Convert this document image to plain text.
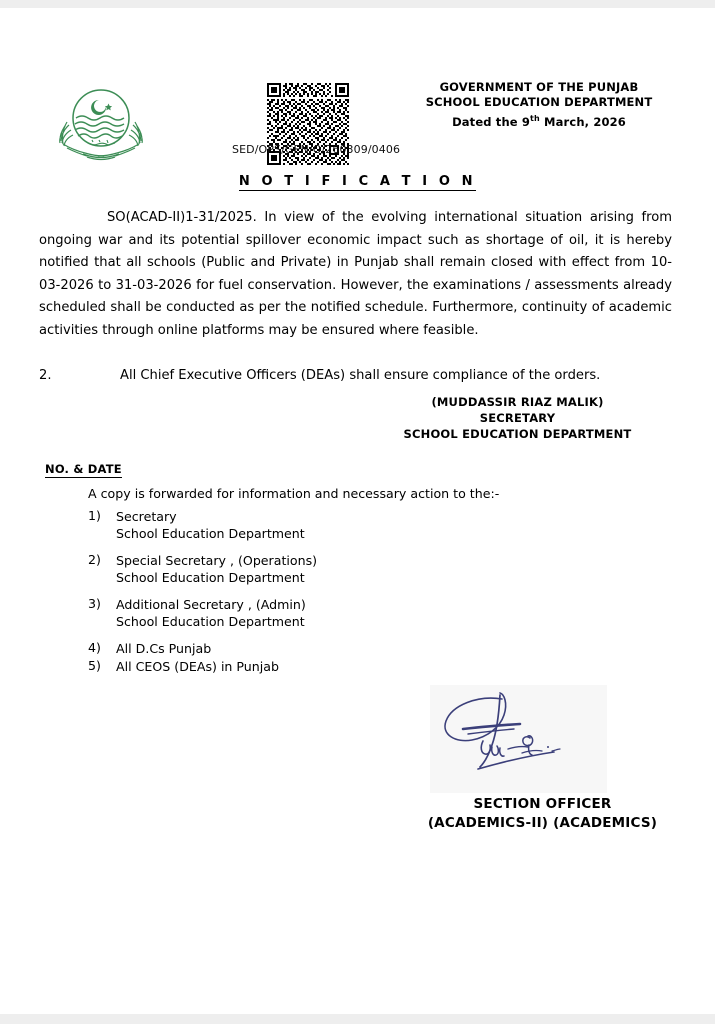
GOVERNMENT OF THE PUNJAB
SCHOOL EDUCATION DEPARTMENT
Dated the 9th March, 2026
SED/OPS/GEN/O/260309/0406
N O T I F I C A T I O N

SO(ACAD-II)1-31/2025. In view of the evolving international situation arising from ongoing war and its potential spillover economic impact such as shortage of oil, it is hereby notified that all schools (Public and Private) in Punjab shall remain closed with effect from 10-03-2026 to 31-03-2026 for fuel conservation. However, the examinations / assessments already scheduled shall be conducted as per the notified schedule. Furthermore, continuity of academic activities through online platforms may be ensured where feasible.

2.	All Chief Executive Officers (DEAs) shall ensure compliance of the orders.
(MUDDASSIR RIAZ MALIK)
SECRETARY
SCHOOL EDUCATION DEPARTMENT
NO. & DATE
A copy is forwarded for information and necessary action to the:-
1)	Secretary
School Education Department
2)	Special Secretary , (Operations)
School Education Department
3)	Additional Secretary , (Admin)
School Education Department
4)	All D.Cs Punjab
5)	All CEOS (DEAs) in Punjab
SECTION OFFICER
(ACADEMICS-II) (ACADEMICS)
